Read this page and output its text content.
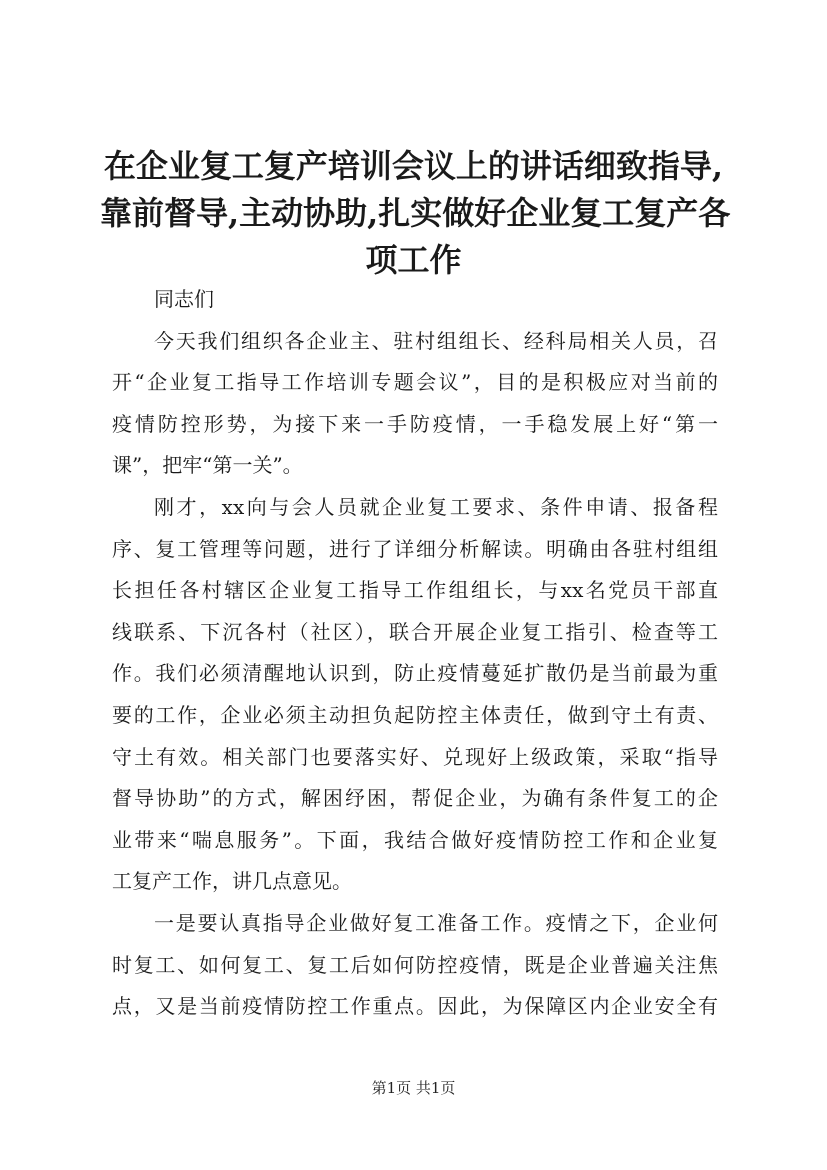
在企业复工复产培训会议上的讲话细致指导,
靠前督导,主动协助,扎实做好企业复工复产各
项工作
同志们
今天我们组织各企业主、驻村组组长、经科局相关人员，召
开“企业复工指导工作培训专题会议”，目的是积极应对当前的
疫情防控形势，为接下来一手防疫情，一手稳发展上好“第一
课”，把牢“第一关”。
刚才，xx向与会人员就企业复工要求、条件申请、报备程
序、复工管理等问题，进行了详细分析解读。明确由各驻村组组
长担任各村辖区企业复工指导工作组组长，与xx名党员干部直
线联系、下沉各村（社区），联合开展企业复工指引、检查等工
作。我们必须清醒地认识到，防止疫情蔓延扩散仍是当前最为重
要的工作，企业必须主动担负起防控主体责任，做到守土有责、
守土有效。相关部门也要落实好、兑现好上级政策，采取“指导
督导协助”的方式，解困纾困，帮促企业，为确有条件复工的企
业带来“喘息服务”。下面，我结合做好疫情防控工作和企业复
工复产工作，讲几点意见。
一是要认真指导企业做好复工准备工作。疫情之下，企业何
时复工、如何复工、复工后如何防控疫情，既是企业普遍关注焦
点，又是当前疫情防控工作重点。因此，为保障区内企业安全有
第1页 共1页
